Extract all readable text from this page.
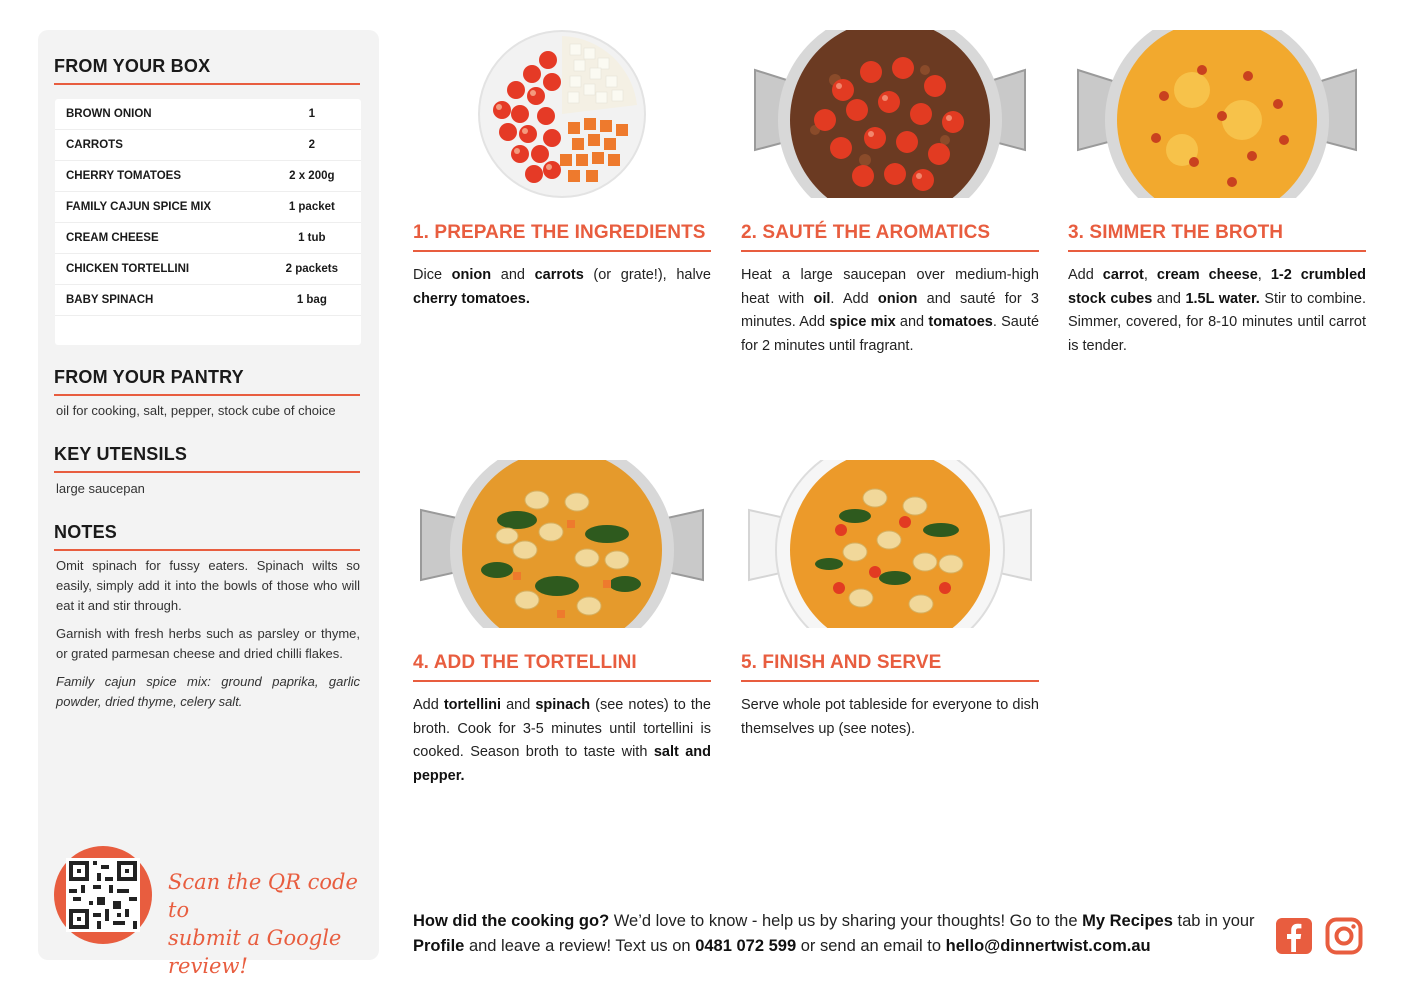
FROM YOUR BOX
BROWN ONION	1
CARROTS	2
CHERRY TOMATOES	2 x 200g
FAMILY CAJUN SPICE MIX	1 packet
CREAM CHEESE	1 tub
CHICKEN TORTELLINI	2 packets
BABY SPINACH	1 bag
FROM YOUR PANTRY
oil for cooking, salt, pepper, stock cube of choice
KEY UTENSILS
large saucepan
NOTES

Omit spinach for fussy eaters. Spinach wilts so easily, simply add it into the bowls of those who will eat it and stir through.

Garnish with fresh herbs such as parsley or thyme, or grated parmesan cheese and dried chilli flakes.

Family cajun spice mix: ground paprika, garlic powder, dried thyme, celery salt.

Scan the QR code to
submit a Google review!
1. PREPARE THE INGREDIENTS
Dice onion and carrots (or grate!), halve cherry tomatoes.
2. SAUTÉ THE AROMATICS
Heat a large saucepan over medium-high heat with oil. Add onion and sauté for 3 minutes. Add spice mix and tomatoes. Sauté for 2 minutes until fragrant.
3. SIMMER THE BROTH
Add carrot, cream cheese, 1-2 crumbled stock cubes and 1.5L water. Stir to combine. Simmer, covered, for 8-10 minutes until carrot is tender.
4. ADD THE TORTELLINI
Add tortellini and spinach (see notes) to the broth. Cook for 3-5 minutes until tortellini is cooked. Season broth to taste with salt and pepper.
5. FINISH AND SERVE
Serve whole pot tableside for everyone to dish themselves up (see notes).
How did the cooking go? We’d love to know - help us by sharing your thoughts! Go to the My Recipes tab in your Profile and leave a review! Text us on 0481 072 599 or send an email to hello@dinnertwist.com.au
